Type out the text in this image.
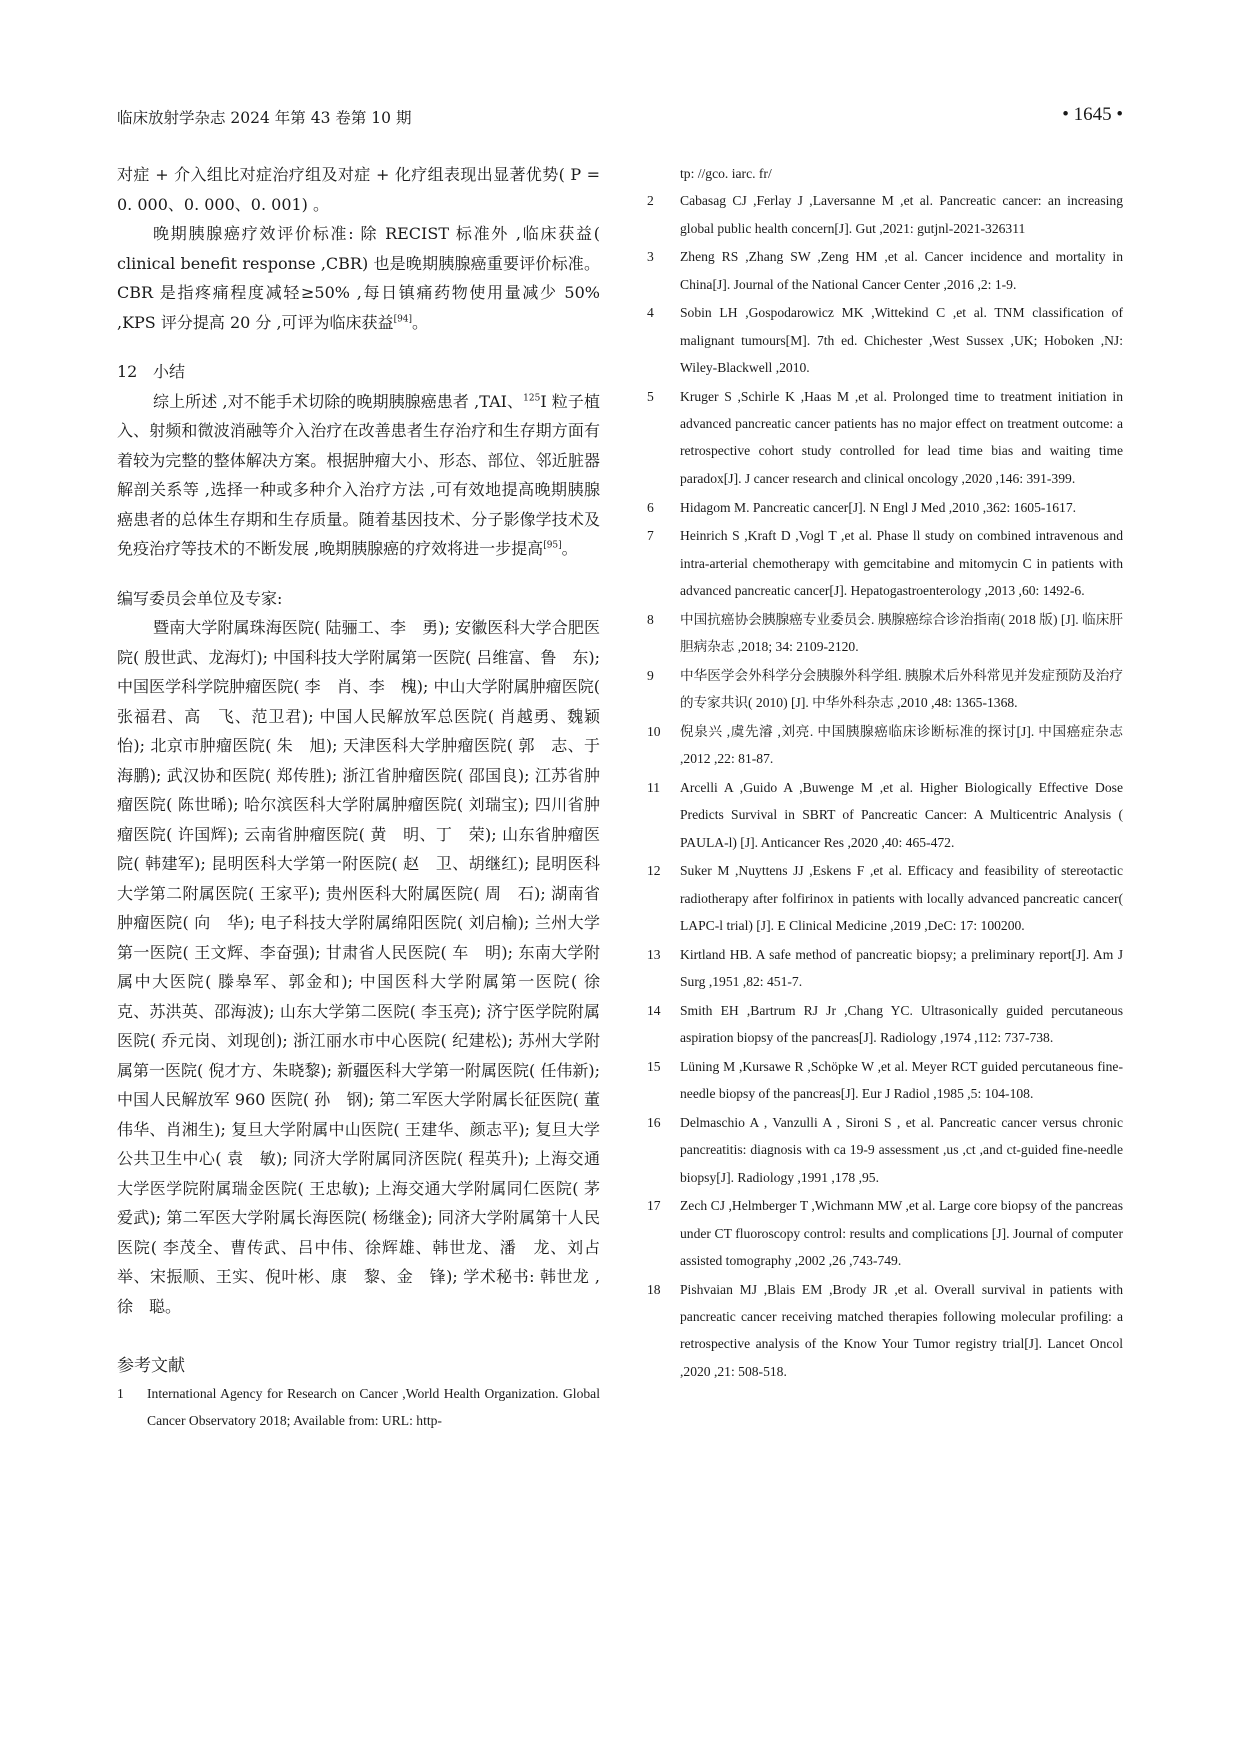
临床放射学杂志 2024 年第 43 卷第 10 期	• 1645 •

对症 + 介入组比对症治疗组及对症 + 化疗组表现出显著优势( P = 0. 000、0. 000、0. 001) 。

晚期胰腺癌疗效评价标准: 除 RECIST 标准外 ,临床获益( clinical benefit response ,CBR) 也是晚期胰腺癌重要评价标准。CBR 是指疼痛程度减轻≥50% ,每日镇痛药物使用量减少 50% ,KPS 评分提高 20 分 ,可评为临床获益[94]。

12 小结

综上所述 ,对不能手术切除的晚期胰腺癌患者 ,TAI、$^{125}$I 粒子植入、射频和微波消融等介入治疗在改善患者生存治疗和生存期方面有着较为完整的整体解决方案。根据肿瘤大小、形态、部位、邻近脏器解剖关系等 ,选择一种或多种介入治疗方法 ,可有效地提高晚期胰腺癌患者的总体生存期和生存质量。随着基因技术、分子影像学技术及免疫治疗等技术的不断发展 ,晚期胰腺癌的疗效将进一步提高[95]。

编写委员会单位及专家:

暨南大学附属珠海医院( 陆骊工、李　勇); 安徽医科大学合肥医院( 殷世武、龙海灯); 中国科技大学附属第一医院( 吕维富、鲁　东); 中国医学科学院肿瘤医院( 李　肖、李　槐); 中山大学附属肿瘤医院( 张福君、高　飞、范卫君); 中国人民解放军总医院( 肖越勇、魏颖怡); 北京市肿瘤医院( 朱　旭); 天津医科大学肿瘤医院( 郭　志、于海鹏); 武汉协和医院( 郑传胜); 浙江省肿瘤医院( 邵国良); 江苏省肿瘤医院( 陈世晞); 哈尔滨医科大学附属肿瘤医院( 刘瑞宝); 四川省肿瘤医院( 许国辉); 云南省肿瘤医院( 黄　明、丁　荣); 山东省肿瘤医院( 韩建军); 昆明医科大学第一附医院( 赵　卫、胡继红); 昆明医科大学第二附属医院( 王家平); 贵州医科大附属医院( 周　石); 湖南省肿瘤医院( 向　华); 电子科技大学附属绵阳医院( 刘启榆); 兰州大学第一医院( 王文辉、李奋强); 甘肃省人民医院( 车　明); 东南大学附属中大医院( 滕皋军、郭金和); 中国医科大学附属第一医院( 徐　克、苏洪英、邵海波); 山东大学第二医院( 李玉亮); 济宁医学院附属医院( 乔元岗、刘现创); 浙江丽水市中心医院( 纪建松); 苏州大学附属第一医院( 倪才方、朱晓黎); 新疆医科大学第一附属医院( 任伟新); 中国人民解放军 960 医院( 孙　钢); 第二军医大学附属长征医院( 董伟华、肖湘生); 复旦大学附属中山医院( 王建华、颜志平); 复旦大学公共卫生中心( 袁　敏); 同济大学附属同济医院( 程英升); 上海交通大学医学院附属瑞金医院( 王忠敏); 上海交通大学附属同仁医院( 茅爱武); 第二军医大学附属长海医院( 杨继金); 同济大学附属第十人民医院( 李茂全、曹传武、吕中伟、徐辉雄、韩世龙、潘　龙、刘占举、宋振顺、王实、倪叶彬、康　黎、金　锋); 学术秘书: 韩世龙 ,徐　聪。

参考文献

1	International Agency for Research on Cancer ,World Health Organization. Global Cancer Observatory 2018; Available from: URL: http-

tp: //gco. iarc. fr/

2	Cabasag CJ ,Ferlay J ,Laversanne M ,et al. Pancreatic cancer: an increasing global public health concern[J]. Gut ,2021: gutjnl-2021-326311
3	Zheng RS ,Zhang SW ,Zeng HM ,et al. Cancer incidence and mortality in China[J]. Journal of the National Cancer Center ,2016 ,2: 1-9.
4	Sobin LH ,Gospodarowicz MK ,Wittekind C ,et al. TNM classification of malignant tumours[M]. 7th ed. Chichester ,West Sussex ,UK; Hoboken ,NJ: Wiley-Blackwell ,2010.
5	Kruger S ,Schirle K ,Haas M ,et al. Prolonged time to treatment initiation in advanced pancreatic cancer patients has no major effect on treatment outcome: a retrospective cohort study controlled for lead time bias and waiting time paradox[J]. J cancer research and clinical oncology ,2020 ,146: 391-399.
6	Hidagom M. Pancreatic cancer[J]. N Engl J Med ,2010 ,362: 1605-1617.
7	Heinrich S ,Kraft D ,Vogl T ,et al. Phase ll study on combined intravenous and intra-arterial chemotherapy with gemcitabine and mitomycin C in patients with advanced pancreatic cancer[J]. Hepatogastroenterology ,2013 ,60: 1492-6.
8	中国抗癌协会胰腺癌专业委员会. 胰腺癌综合诊治指南( 2018 版) [J]. 临床肝胆病杂志 ,2018; 34: 2109-2120.
9	中华医学会外科学分会胰腺外科学组. 胰腺术后外科常见并发症预防及治疗的专家共识( 2010) [J]. 中华外科杂志 ,2010 ,48: 1365-1368.
10	倪泉兴 ,虞先濬 ,刘亮. 中国胰腺癌临床诊断标准的探讨[J]. 中国癌症杂志 ,2012 ,22: 81-87.
11	Arcelli A ,Guido A ,Buwenge M ,et al. Higher Biologically Effective Dose Predicts Survival in SBRT of Pancreatic Cancer: A Multicentric Analysis ( PAULA-l) [J]. Anticancer Res ,2020 ,40: 465-472.
12	Suker M ,Nuyttens JJ ,Eskens F ,et al. Efficacy and feasibility of stereotactic radiotherapy after folfirinox in patients with locally advanced pancreatic cancer( LAPC-l trial) [J]. E Clinical Medicine ,2019 ,DeC: 17: 100200.
13	Kirtland HB. A safe method of pancreatic biopsy; a preliminary report[J]. Am J Surg ,1951 ,82: 451-7.
14	Smith EH ,Bartrum RJ Jr ,Chang YC. Ultrasonically guided percutaneous aspiration biopsy of the pancreas[J]. Radiology ,1974 ,112: 737-738.
15	Lüning M ,Kursawe R ,Schöpke W ,et al. Meyer RCT guided percutaneous fine-needle biopsy of the pancreas[J]. Eur J Radiol ,1985 ,5: 104-108.
16	Delmaschio A , Vanzulli A , Sironi S , et al. Pancreatic cancer versus chronic pancreatitis: diagnosis with ca 19-9 assessment ,us ,ct ,and ct-guided fine-needle biopsy[J]. Radiology ,1991 ,178 ,95.
17	Zech CJ ,Helmberger T ,Wichmann MW ,et al. Large core biopsy of the pancreas under CT fluoroscopy control: results and complications [J]. Journal of computer assisted tomography ,2002 ,26 ,743-749.
18	Pishvaian MJ ,Blais EM ,Brody JR ,et al. Overall survival in patients with pancreatic cancer receiving matched therapies following molecular profiling: a retrospective analysis of the Know Your Tumor registry trial[J]. Lancet Oncol ,2020 ,21: 508-518.
